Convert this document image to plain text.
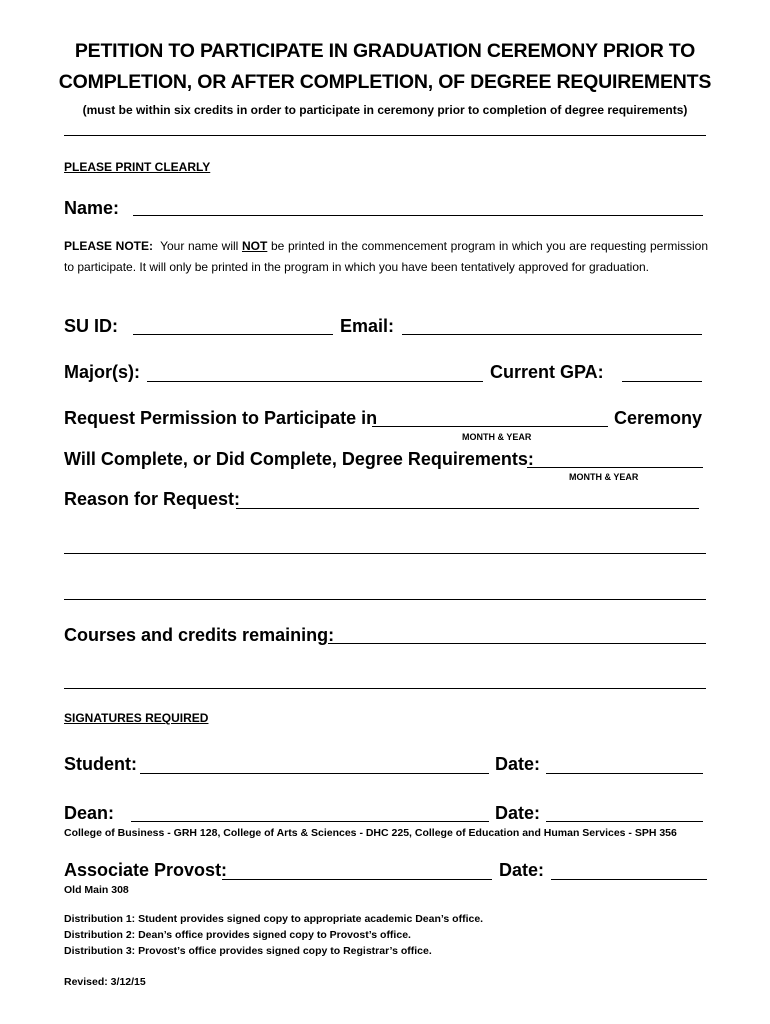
PETITION TO PARTICIPATE IN GRADUATION CEREMONY PRIOR TO
COMPLETION, OR AFTER COMPLETION, OF DEGREE REQUIREMENTS
(must be within six credits in order to participate in ceremony prior to completion of degree requirements)
PLEASE PRINT CLEARLY
Name:
PLEASE NOTE: Your name will NOT be printed in the commencement program in which you are requesting permission to participate. It will only be printed in the program in which you have been tentatively approved for graduation.
SU ID:	Email:
Major(s):	Current GPA:
Request Permission to Participate in	Ceremony
MONTH & YEAR
Will Complete, or Did Complete, Degree Requirements:
MONTH & YEAR
Reason for Request:
Courses and credits remaining:
SIGNATURES REQUIRED
Student:	Date:
Dean:	Date:
College of Business - GRH 128, College of Arts & Sciences - DHC 225, College of Education and Human Services - SPH 356
Associate Provost:	Date:
Old Main 308
Distribution 1: Student provides signed copy to appropriate academic Dean’s office.
Distribution 2: Dean’s office provides signed copy to Provost’s office.
Distribution 3: Provost’s office provides signed copy to Registrar’s office.
Revised: 3/12/15
